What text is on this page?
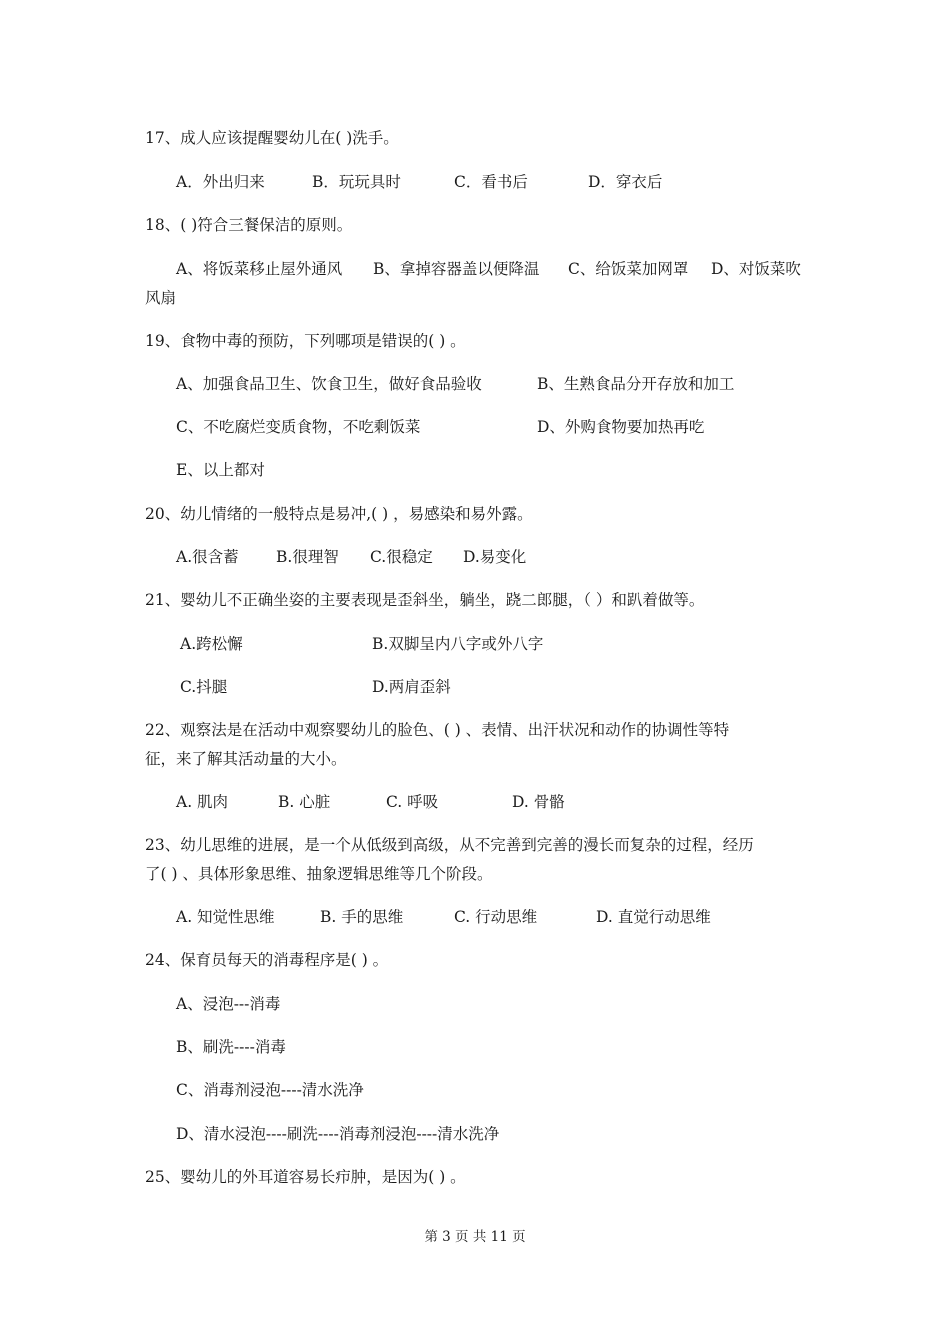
17、成人应该提醒婴幼儿在( )洗手。
A．外出归来	B．玩玩具时	C．看书后	D．穿衣后
18、( )符合三餐保洁的原则。
A、将饭菜移止屋外通风 B、拿掉容器盖以便降温 C、给饭菜加网罩 D、对饭菜吹
风扇
19、食物中毒的预防，下列哪项是错误的( ) 。
A、加强食品卫生、饮食卫生，做好食品验收	B、生熟食品分开存放和加工
C、不吃腐烂变质食物，不吃剩饭菜	D、外购食物要加热再吃
E、以上都对
20、幼儿情绪的一般特点是易冲,( ) ，易感染和易外露。
A.很含蓄 B.很理智 C.很稳定 D.易变化
21、婴幼儿不正确坐姿的主要表现是歪斜坐，躺坐，跷二郎腿，（ ）和趴着做等。
A.跨松懈	B.双脚呈内八字或外八字
C.抖腿	D.两肩歪斜
22、观察法是在活动中观察婴幼儿的脸色、( ) 、表情、出汗状况和动作的协调性等特
征，来了解其活动量的大小。
A. 肌肉	B. 心脏	C. 呼吸	D. 骨骼
23、幼儿思维的进展，是一个从低级到高级，从不完善到完善的漫长而复杂的过程，经历
了( ) 、具体形象思维、抽象逻辑思维等几个阶段。
A. 知觉性思维	B. 手的思维	C. 行动思维	D. 直觉行动思维
24、保育员每天的消毒程序是( ) 。
A、浸泡---消毒
B、刷洗----消毒
C、消毒剂浸泡----清水洗净
D、清水浸泡----刷洗----消毒剂浸泡----清水洗净
25、婴幼儿的外耳道容易长疖肿，是因为( ) 。
第 3 页 共 11 页
